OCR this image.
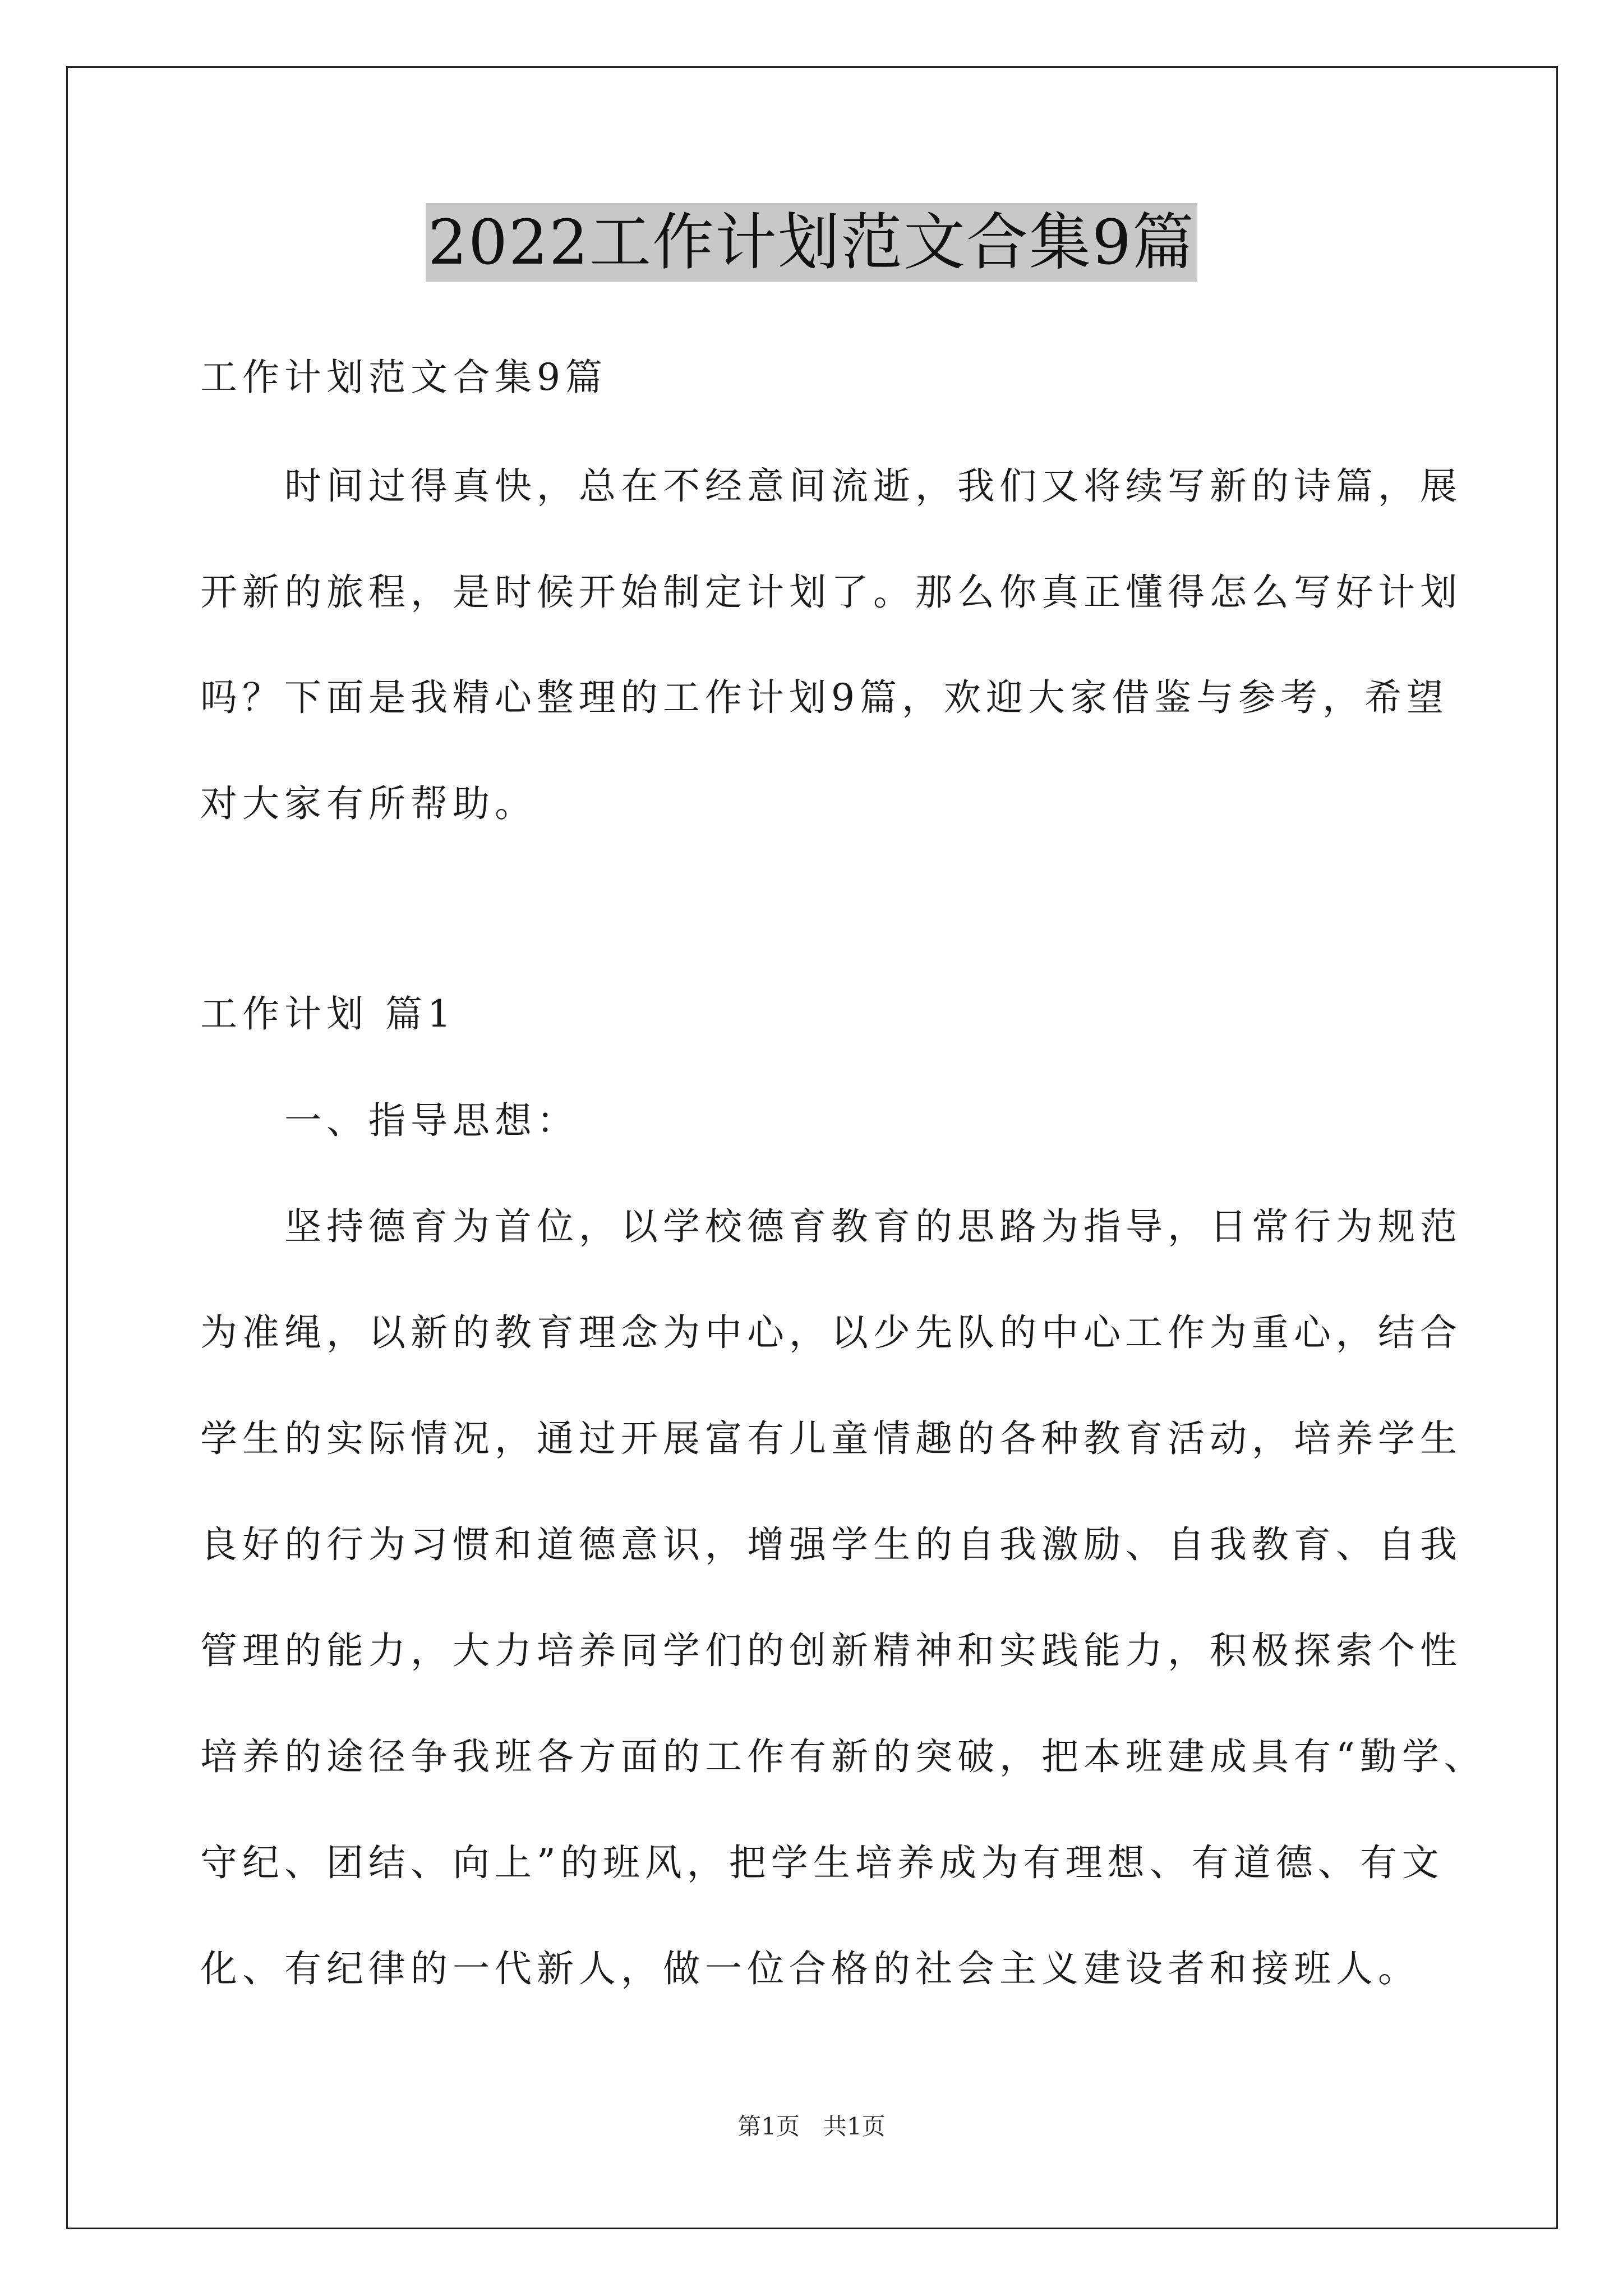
2022工作计划范文合集9篇
工作计划范文合集9篇
　　时间过得真快，总在不经意间流逝，我们又将续写新的诗篇，展
开新的旅程，是时候开始制定计划了。那么你真正懂得怎么写好计划
吗？下面是我精心整理的工作计划9篇，欢迎大家借鉴与参考，希望
对大家有所帮助。
工作计划 篇1
　　一、指导思想：
　　坚持德育为首位，以学校德育教育的思路为指导，日常行为规范
为准绳，以新的教育理念为中心，以少先队的中心工作为重心，结合
学生的实际情况，通过开展富有儿童情趣的各种教育活动，培养学生
良好的行为习惯和道德意识，增强学生的自我激励、自我教育、自我
管理的能力，大力培养同学们的创新精神和实践能力，积极探索个性
培养的途径争我班各方面的工作有新的突破，把本班建成具有“勤学、
守纪、团结、向上”的班风，把学生培养成为有理想、有道德、有文
化、有纪律的一代新人，做一位合格的社会主义建设者和接班人。
第1页　共1页
